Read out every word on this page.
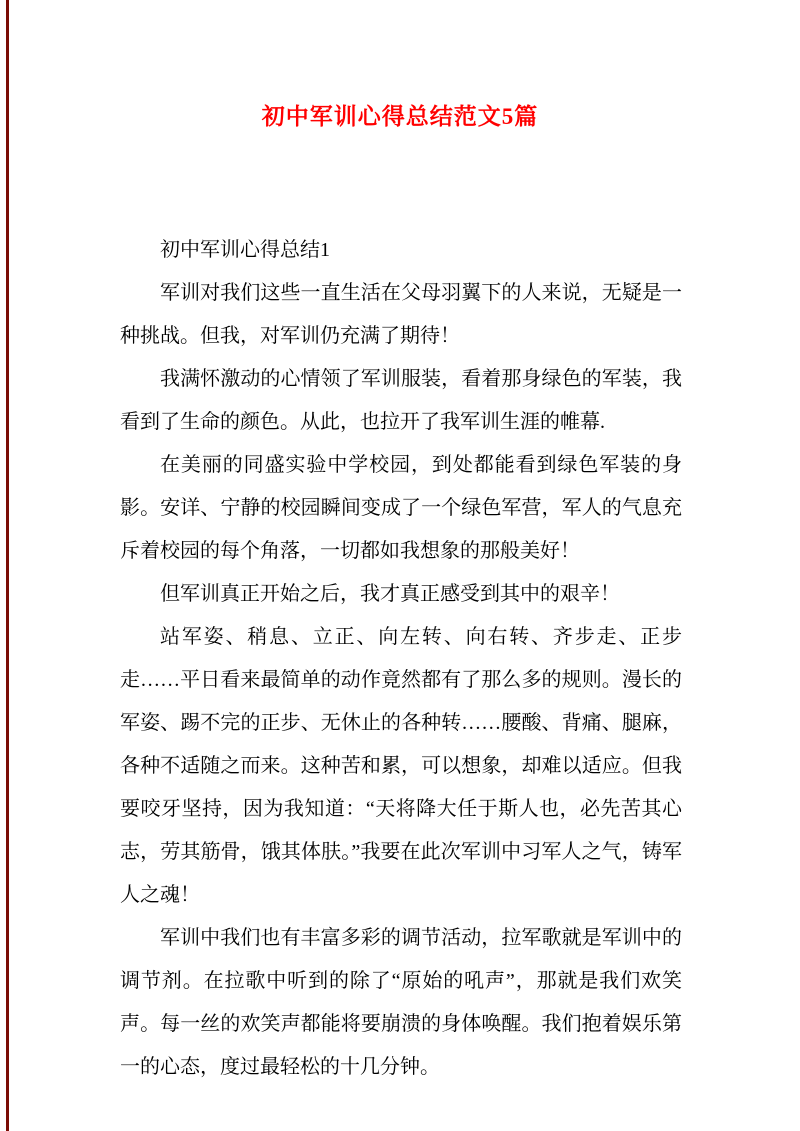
初中军训心得总结范文5篇

初中军训心得总结1

军训对我们这些一直生活在父母羽翼下的人来说，无疑是一种挑战。但我，对军训仍充满了期待！

我满怀激动的心情领了军训服装，看着那身绿色的军装，我看到了生命的颜色。从此，也拉开了我军训生涯的帷幕.

在美丽的同盛实验中学校园，到处都能看到绿色军装的身影。安详、宁静的校园瞬间变成了一个绿色军营，军人的气息充斥着校园的每个角落，一切都如我想象的那般美好！

但军训真正开始之后，我才真正感受到其中的艰辛！

站军姿、稍息、立正、向左转、向右转、齐步走、正步走……平日看来最简单的动作竟然都有了那么多的规则。漫长的军姿、踢不完的正步、无休止的各种转……腰酸、背痛、腿麻，各种不适随之而来。这种苦和累，可以想象，却难以适应。但我要咬牙坚持，因为我知道：“天将降大任于斯人也，必先苦其心志，劳其筋骨，饿其体肤。”我要在此次军训中习军人之气，铸军人之魂！

军训中我们也有丰富多彩的调节活动，拉军歌就是军训中的调节剂。在拉歌中听到的除了“原始的吼声”，那就是我们欢笑声。每一丝的欢笑声都能将要崩溃的身体唤醒。我们抱着娱乐第一的心态，度过最轻松的十几分钟。
